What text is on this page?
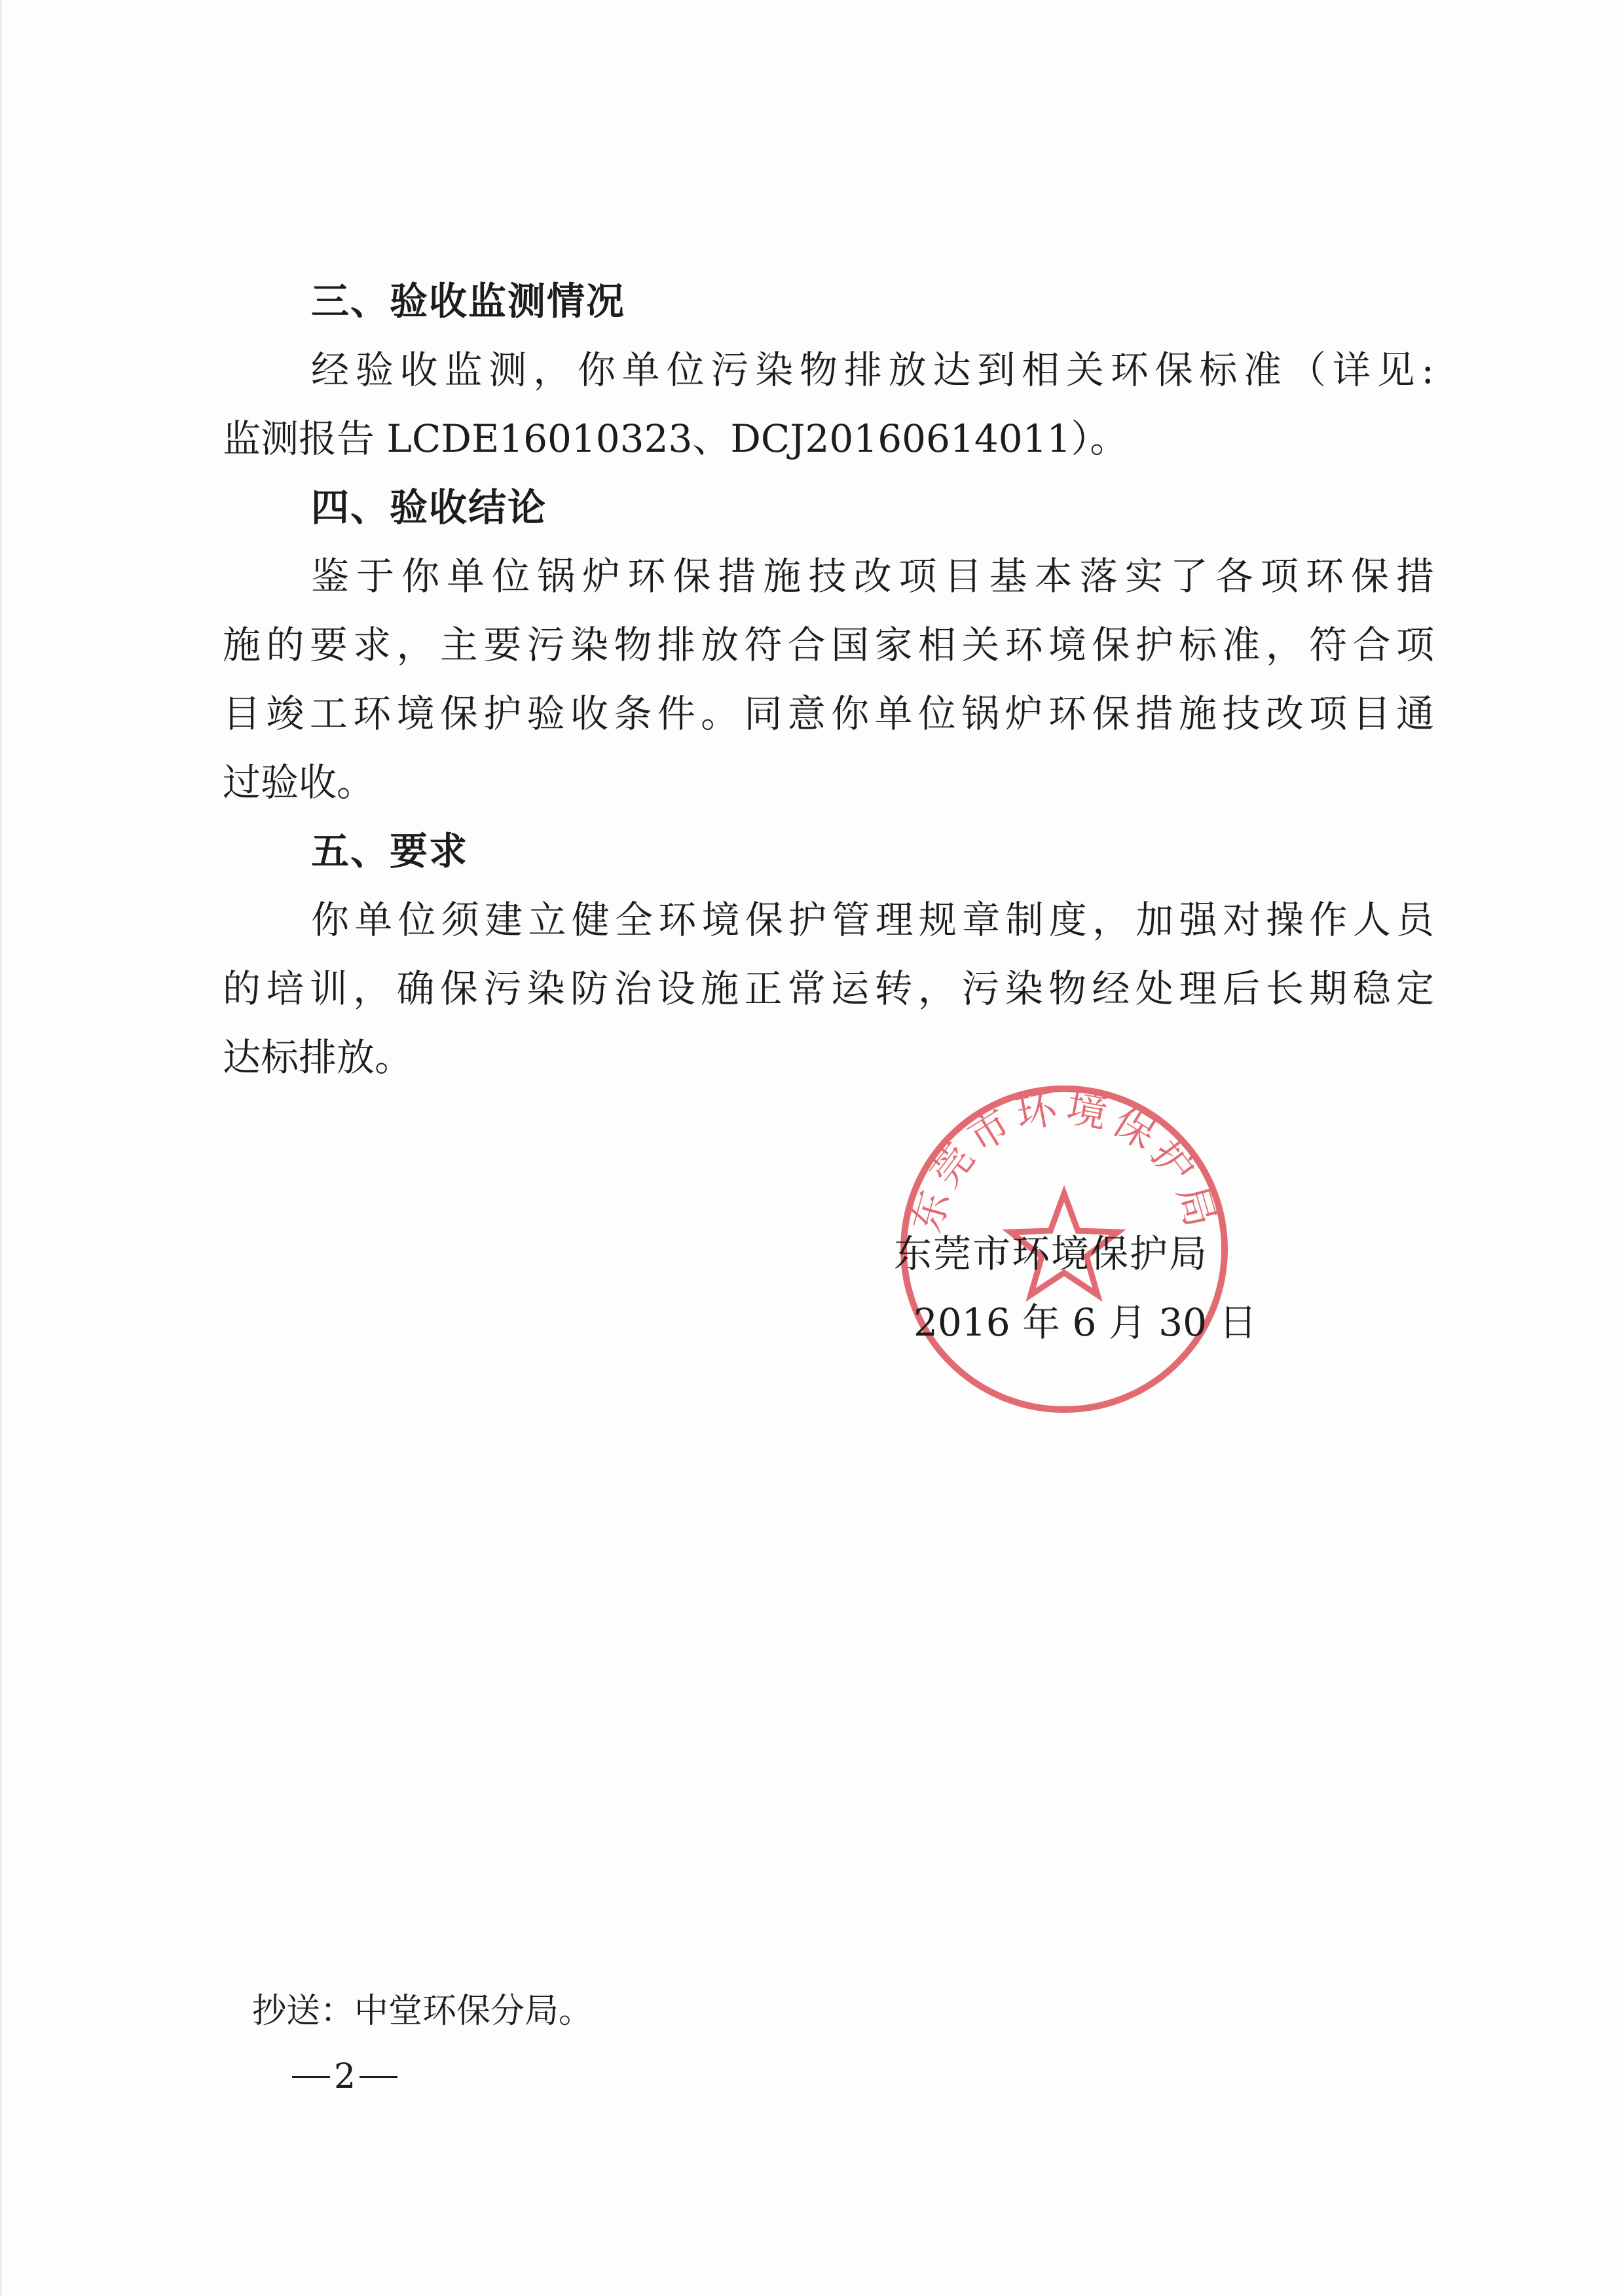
三、验收监测情况
经验收监测，你单位污染物排放达到相关环保标准（详见:
监测报告 LCDE16010323、DCJ20160614011）。
四、验收结论
鉴于你单位锅炉环保措施技改项目基本落实了各项环保措
施的要求，主要污染物排放符合国家相关环境保护标准，符合项
目竣工环境保护验收条件。同意你单位锅炉环保措施技改项目通
过验收。
五、要求
你单位须建立健全环境保护管理规章制度，加强对操作人员
的培训，确保污染防治设施正常运转，污染物经处理后长期稳定
达标排放。
东莞市环境保护局
东莞市环境保护局
2016 年 6 月 30 日
抄送：中堂环保分局。
2
